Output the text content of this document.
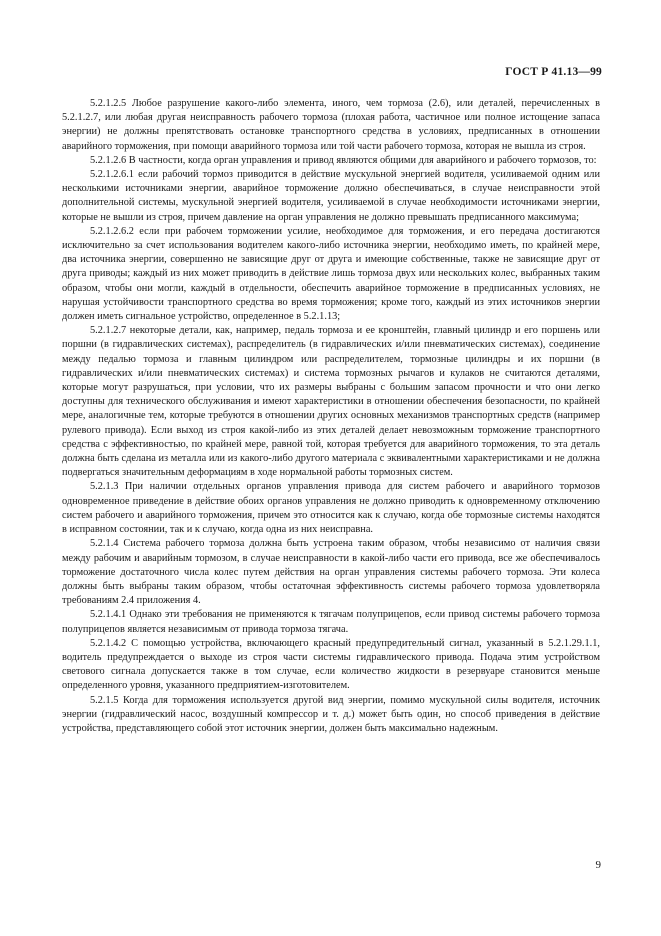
ГОСТ Р 41.13—99

5.2.1.2.5 Любое разрушение какого-либо элемента, иного, чем тормоза (2.6), или деталей, перечисленных в 5.2.1.2.7, или любая другая неисправность рабочего тормоза (плохая работа, частичное или полное истощение запаса энергии) не должны препятствовать остановке транспортного средства в условиях, предписанных в отношении аварийного торможения, при помощи аварийного тормоза или той части рабочего тормоза, которая не вышла из строя.

5.2.1.2.6 В частности, когда орган управления и привод являются общими для аварийного и рабочего тормозов, то:

5.2.1.2.6.1 если рабочий тормоз приводится в действие мускульной энергией водителя, усиливаемой одним или несколькими источниками энергии, аварийное торможение должно обеспечиваться, в случае неисправности этой дополнительной системы, мускульной энергией водителя, усиливаемой в случае необходимости источниками энергии, которые не вышли из строя, причем давление на орган управления не должно превышать предписанного максимума;

5.2.1.2.6.2 если при рабочем торможении усилие, необходимое для торможения, и его передача достигаются исключительно за счет использования водителем какого-либо источника энергии, необходимо иметь, по крайней мере, два источника энергии, совершенно не зависящие друг от друга и имеющие собственные, также не зависящие друг от друга приводы; каждый из них может приводить в действие лишь тормоза двух или нескольких колес, выбранных таким образом, чтобы они могли, каждый в отдельности, обеспечить аварийное торможение в предписанных условиях, не нарушая устойчивости транспортного средства во время торможения; кроме того, каждый из этих источников энергии должен иметь сигнальное устройство, определенное в 5.2.1.13;

5.2.1.2.7 некоторые детали, как, например, педаль тормоза и ее кронштейн, главный цилиндр и его поршень или поршни (в гидравлических системах), распределитель (в гидравлических и/или пневматических системах), соединение между педалью тормоза и главным цилиндром или распределителем, тормозные цилиндры и их поршни (в гидравлических и/или пневматических системах) и система тормозных рычагов и кулаков не считаются деталями, которые могут разрушаться, при условии, что их размеры выбраны с большим запасом прочности и что они легко доступны для технического обслуживания и имеют характеристики в отношении обеспечения безопасности, по крайней мере, аналогичные тем, которые требуются в отношении других основных механизмов транспортных средств (например рулевого привода). Если выход из строя какой-либо из этих деталей делает невозможным торможение транспортного средства с эффективностью, по крайней мере, равной той, которая требуется для аварийного торможения, то эта деталь должна быть сделана из металла или из какого-либо другого материала с эквивалентными характеристиками и не должна подвергаться значительным деформациям в ходе нормальной работы тормозных систем.

5.2.1.3 При наличии отдельных органов управления привода для систем рабочего и аварийного тормозов одновременное приведение в действие обоих органов управления не должно приводить к одновременному отключению систем рабочего и аварийного торможения, причем это относится как к случаю, когда обе тормозные системы находятся в исправном состоянии, так и к случаю, когда одна из них неисправна.

5.2.1.4 Система рабочего тормоза должна быть устроена таким образом, чтобы независимо от наличия связи между рабочим и аварийным тормозом, в случае неисправности в какой-либо части его привода, все же обеспечивалось торможение достаточного числа колес путем действия на орган управления системы рабочего тормоза. Эти колеса должны быть выбраны таким образом, чтобы остаточная эффективность системы рабочего тормоза удовлетворяла требованиям 2.4 приложения 4.

5.2.1.4.1 Однако эти требования не применяются к тягачам полуприцепов, если привод системы рабочего тормоза полуприцепов является независимым от привода тормоза тягача.

5.2.1.4.2 С помощью устройства, включающего красный предупредительный сигнал, указанный в 5.2.1.29.1.1, водитель предупреждается о выходе из строя части системы гидравлического привода. Подача этим устройством светового сигнала допускается также в том случае, если количество жидкости в резервуаре становится меньше определенного уровня, указанного предприятием-изготовителем.

5.2.1.5 Когда для торможения используется другой вид энергии, помимо мускульной силы водителя, источник энергии (гидравлический насос, воздушный компрессор и т. д.) может быть один, но способ приведения в действие устройства, представляющего собой этот источник энергии, должен быть максимально надежным.

9
